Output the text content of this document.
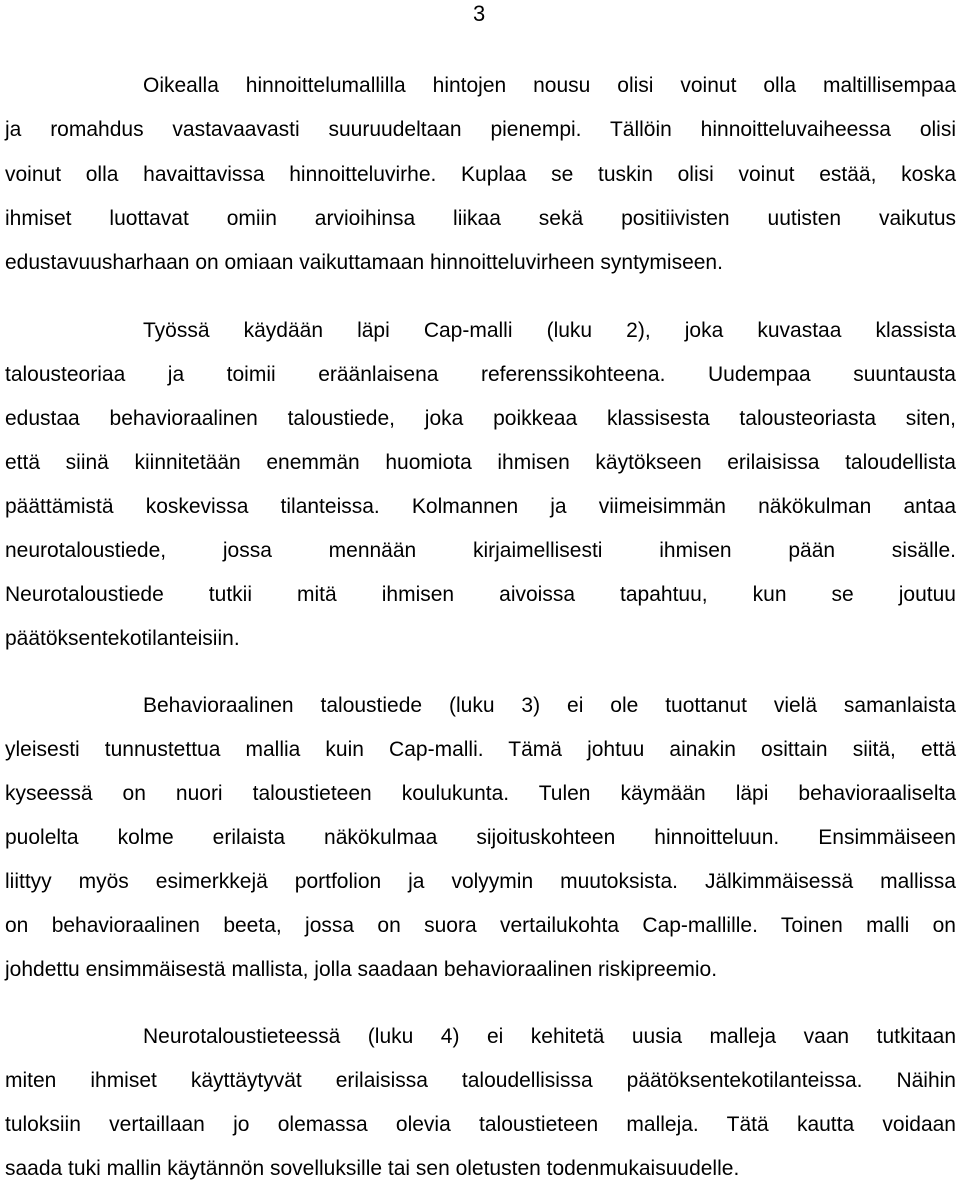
3
Oikealla hinnoittelumallilla hintojen nousu olisi voinut olla maltillisempaa
ja romahdus vastavaavasti suuruudeltaan pienempi. Tällöin hinnoitteluvaiheessa olisi
voinut olla havaittavissa hinnoitteluvirhe. Kuplaa se tuskin olisi voinut estää, koska
ihmiset luottavat omiin arvioihinsa liikaa sekä positiivisten uutisten vaikutus
edustavuusharhaan on omiaan vaikuttamaan hinnoitteluvirheen syntymiseen.
Työssä käydään läpi Cap-malli (luku 2), joka kuvastaa klassista
talousteoriaa ja toimii eräänlaisena referenssikohteena. Uudempaa suuntausta
edustaa behavioraalinen taloustiede, joka poikkeaa klassisesta talousteoriasta siten,
että siinä kiinnitetään enemmän huomiota ihmisen käytökseen erilaisissa taloudellista
päättämistä koskevissa tilanteissa. Kolmannen ja viimeisimmän näkökulman antaa
neurotaloustiede, jossa mennään kirjaimellisesti ihmisen pään sisälle.
Neurotaloustiede tutkii mitä ihmisen aivoissa tapahtuu, kun se joutuu
päätöksentekotilanteisiin.
Behavioraalinen taloustiede (luku 3) ei ole tuottanut vielä samanlaista
yleisesti tunnustettua mallia kuin Cap-malli. Tämä johtuu ainakin osittain siitä, että
kyseessä on nuori taloustieteen koulukunta. Tulen käymään läpi behavioraaliselta
puolelta kolme erilaista näkökulmaa sijoituskohteen hinnoitteluun. Ensimmäiseen
liittyy myös esimerkkejä portfolion ja volyymin muutoksista. Jälkimmäisessä mallissa
on behavioraalinen beeta, jossa on suora vertailukohta Cap-mallille. Toinen malli on
johdettu ensimmäisestä mallista, jolla saadaan behavioraalinen riskipreemio.
Neurotaloustieteessä (luku 4) ei kehitetä uusia malleja vaan tutkitaan
miten ihmiset käyttäytyvät erilaisissa taloudellisissa päätöksentekotilanteissa. Näihin
tuloksiin vertaillaan jo olemassa olevia taloustieteen malleja. Tätä kautta voidaan
saada tuki mallin käytännön sovelluksille tai sen oletusten todenmukaisuudelle.
